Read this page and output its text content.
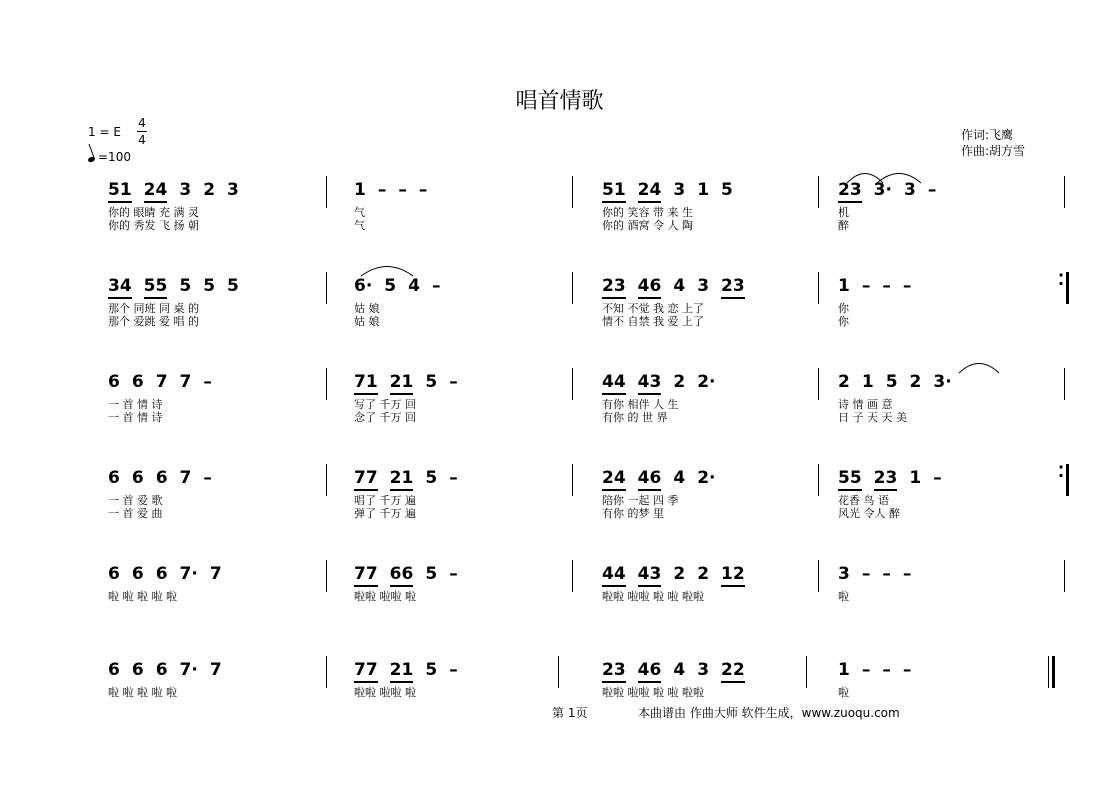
唱首情歌
1 = E
4
4
=100
作词:飞鹰
作曲:胡方雪
51 24 3 2 3
你的 眼睛 充 满 灵
你的 秀发 飞 扬 朝
1 – – –
气
气
51 24 3 1 5
你的 笑容 带 来 生
你的 酒窝 令 人 陶
23 3· 3 –
机
醉
34 55 5 5 5
那个 同班 同 桌 的
那个 爱跳 爱 唱 的
6· 5 4 –
姑 娘
姑 娘
23 46 4 3 23
不知 不觉 我 恋 上了
情不 自禁 我 爱 上了
1 – – –
你
你
⁚
6 6 7 7 –
一 首 情 诗
一 首 情 诗
71 21 5 –
写了 千万 回
念了 千万 回
44 43 2 2·
有你 相伴 人 生
有你 的 世 界
2 1 5 2 3·
诗 情 画 意
日 子 天 天 美
6 6 6 7 –
一 首 爱 歌
一 首 爱 曲
77 21 5 –
唱了 千万 遍
弹了 千万 遍
24 46 4 2·
陪你 一起 四 季
有你 的梦 里
55 23 1 –
花香 鸟 语
风光 令人 醉
⁚
6 6 6 7· 7
啦 啦 啦 啦 啦
77 66 5 –
啦啦 啦啦 啦
44 43 2 2 12
啦啦 啦啦 啦 啦 啦啦
3 – – –
啦
6 6 6 7· 7
啦 啦 啦 啦 啦
77 21 5 –
啦啦 啦啦 啦
23 46 4 3 22
啦啦 啦啦 啦 啦 啦啦
1 – – –
啦
第 1页	本曲谱由 作曲大师 软件生成，www.zuoqu.com
